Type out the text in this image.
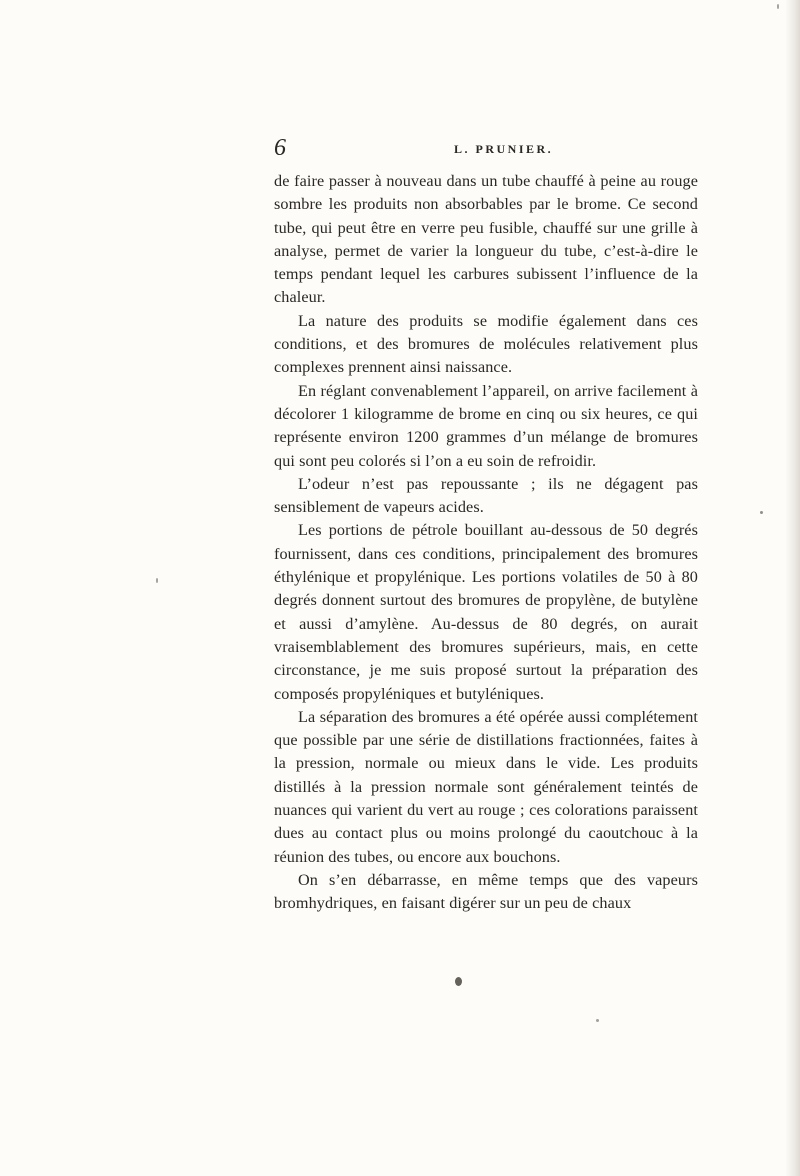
6	L. PRUNIER.

de faire passer à nouveau dans un tube chauffé à peine au rouge sombre les produits non absorbables par le brome. Ce second tube, qui peut être en verre peu fusible, chauffé sur une grille à analyse, permet de varier la longueur du tube, c’est-à-dire le temps pendant lequel les carbures subissent l’influence de la chaleur.

La nature des produits se modifie également dans ces conditions, et des bromures de molécules relativement plus complexes prennent ainsi naissance.

En réglant convenablement l’appareil, on arrive facilement à décolorer 1 kilogramme de brome en cinq ou six heures, ce qui représente environ 1200 grammes d’un mélange de bromures qui sont peu colorés si l’on a eu soin de refroidir.

L’odeur n’est pas repoussante ; ils ne dégagent pas sensiblement de vapeurs acides.

Les portions de pétrole bouillant au-dessous de 50 degrés fournissent, dans ces conditions, principalement des bromures éthylénique et propylénique. Les portions volatiles de 50 à 80 degrés donnent surtout des bromures de propylène, de butylène et aussi d’amylène. Au-dessus de 80 degrés, on aurait vraisemblablement des bromures supérieurs, mais, en cette circonstance, je me suis proposé surtout la préparation des composés propyléniques et butyléniques.

La séparation des bromures a été opérée aussi complétement que possible par une série de distillations fractionnées, faites à la pression, normale ou mieux dans le vide. Les produits distillés à la pression normale sont généralement teintés de nuances qui varient du vert au rouge ; ces colorations paraissent dues au contact plus ou moins prolongé du caoutchouc à la réunion des tubes, ou encore aux bouchons.

On s’en débarrasse, en même temps que des vapeurs bromhydriques, en faisant digérer sur un peu de chaux
